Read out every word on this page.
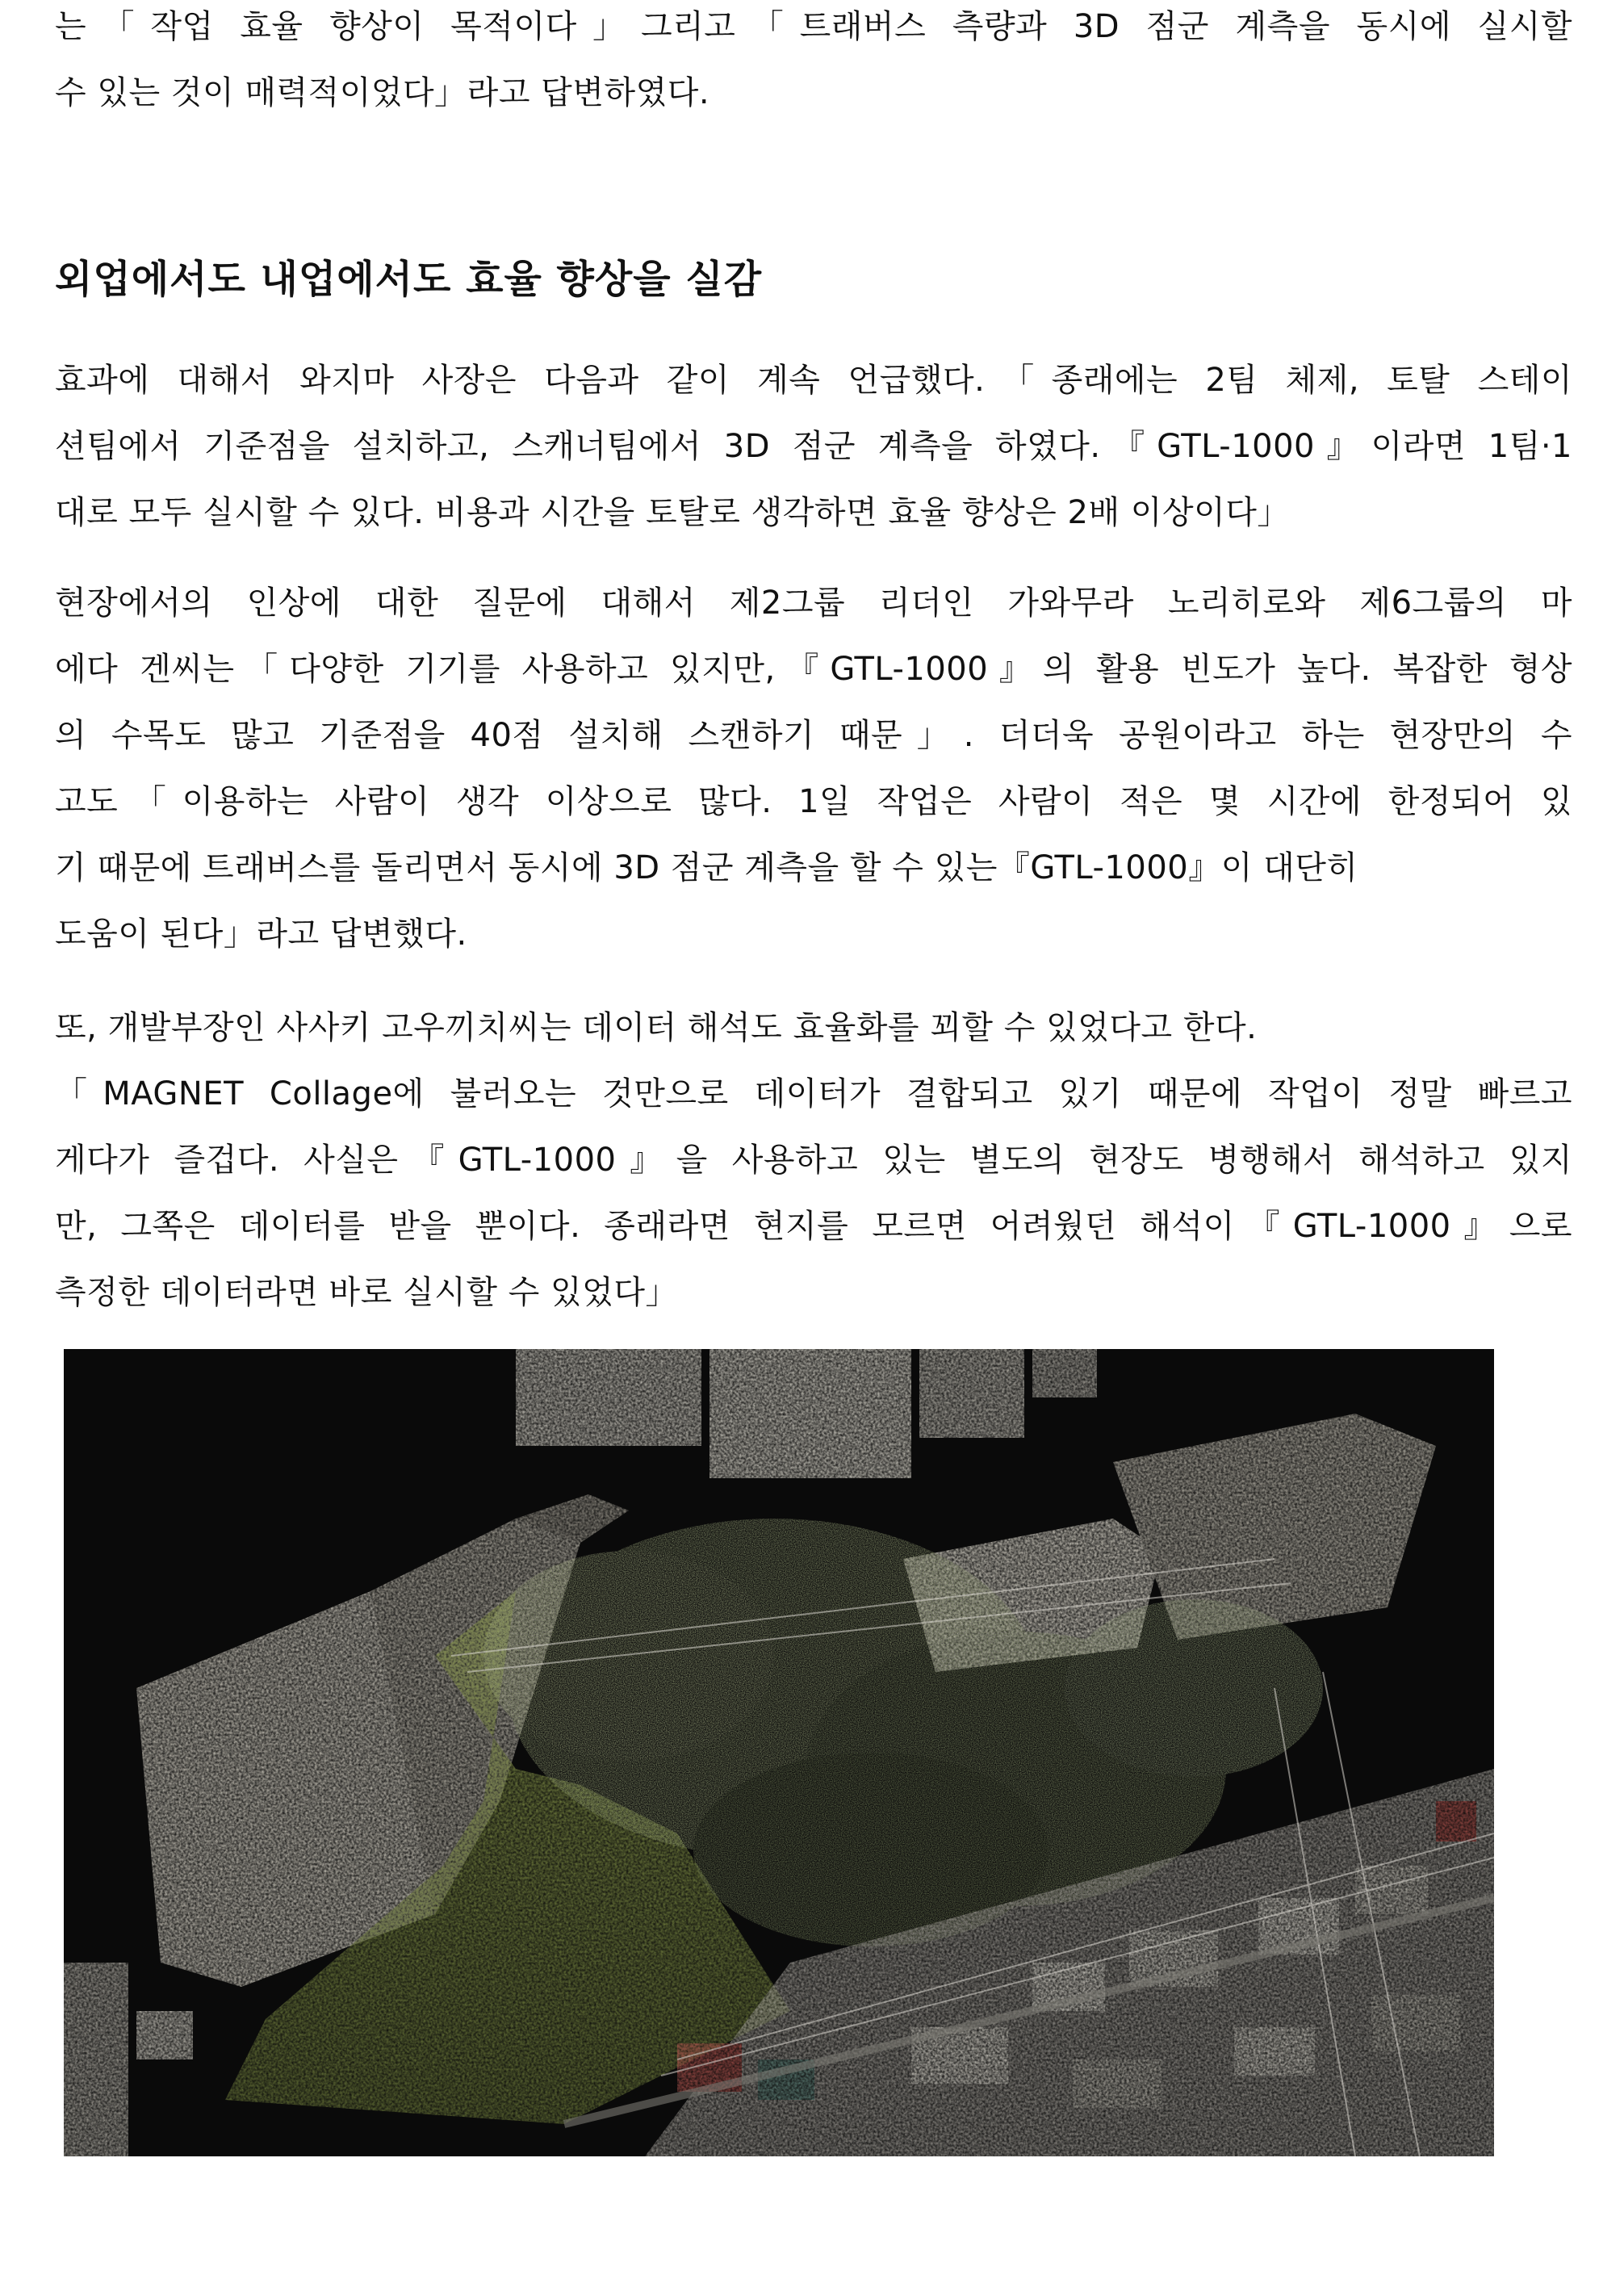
는「작업 효율 향상이 목적이다」그리고「트래버스 측량과 3D 점군 계측을 동시에 실시할
수 있는 것이 매력적이었다」라고 답변하였다.
외업에서도 내업에서도 효율 향상을 실감
효과에 대해서 와지마 사장은 다음과 같이 계속 언급했다.「종래에는 2팀 체제, 토탈 스테이
션팀에서 기준점을 설치하고, 스캐너팀에서 3D 점군 계측을 하였다.『GTL-1000』이라면 1팀·1
대로 모두 실시할 수 있다. 비용과 시간을 토탈로 생각하면 효율 향상은 2배 이상이다」
현장에서의 인상에 대한 질문에 대해서 제2그룹 리더인 가와무라 노리히로와 제6그룹의 마
에다 겐씨는「다양한 기기를 사용하고 있지만,『GTL-1000』의 활용 빈도가 높다. 복잡한 형상
의 수목도 많고 기준점을 40점 설치해 스캔하기 때문」. 더더욱 공원이라고 하는 현장만의 수
고도「이용하는 사람이 생각 이상으로 많다. 1일 작업은 사람이 적은 몇 시간에 한정되어 있
기 때문에 트래버스를 돌리면서 동시에 3D 점군 계측을 할 수 있는『GTL-1000』이 대단히
도움이 된다」라고 답변했다.
또, 개발부장인 사사키 고우끼치씨는 데이터 해석도 효율화를 꾀할 수 있었다고 한다.
「MAGNET Collage에 불러오는 것만으로 데이터가 결합되고 있기 때문에 작업이 정말 빠르고
게다가 즐겁다. 사실은『GTL-1000』을 사용하고 있는 별도의 현장도 병행해서 해석하고 있지
만, 그쪽은 데이터를 받을 뿐이다. 종래라면 현지를 모르면 어려웠던 해석이『GTL-1000』으로
측정한 데이터라면 바로 실시할 수 있었다」
